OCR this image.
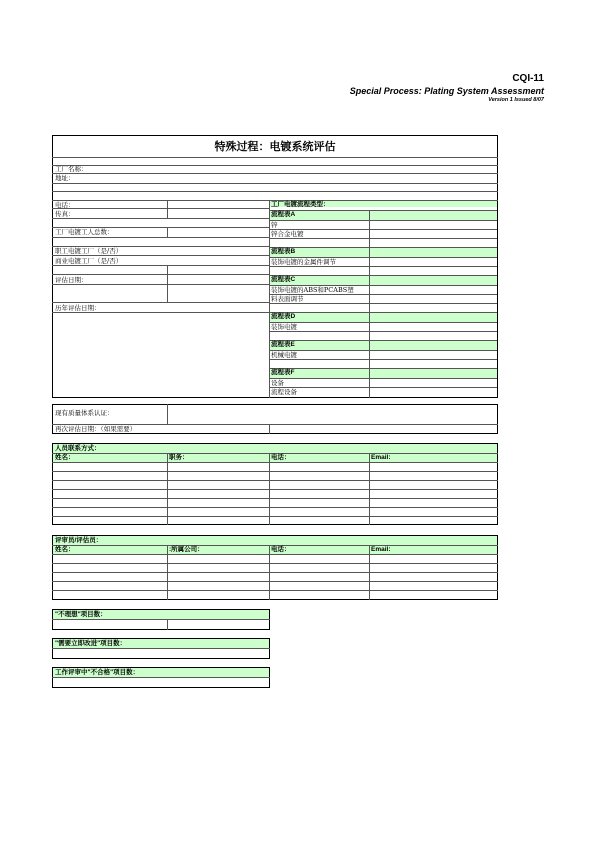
CQI-11
Special Process: Plating System Assessment
Version 1 Issued 8/07
特殊过程：电镀系统评估
工厂名称：
地址：
电话：
传真：
工厂电镀工人总数：
职工电镀工厂（是/否）
商业电镀工厂（是/否）
评估日期：
历年评估日期：
工厂电镀流程类型：
流程表A
锌
锌合金电镀
流程表B
装饰电镀的金属件调节
流程表C
装饰电镀的ABS和PCABS塑
料表面调节
流程表D
装饰电镀
流程表E
机械电镀
流程表F
设备
流程设备
现有质量体系认证：
再次评估日期：（如果需要）
人员联系方式：
姓名：	职务：	电话：	Email:
评审员/评估员：
姓名：	:所属公司：	电话：	Email:
"不理想"项目数：
"需要立即改进"项目数：
工作评审中"不合格"项目数：
